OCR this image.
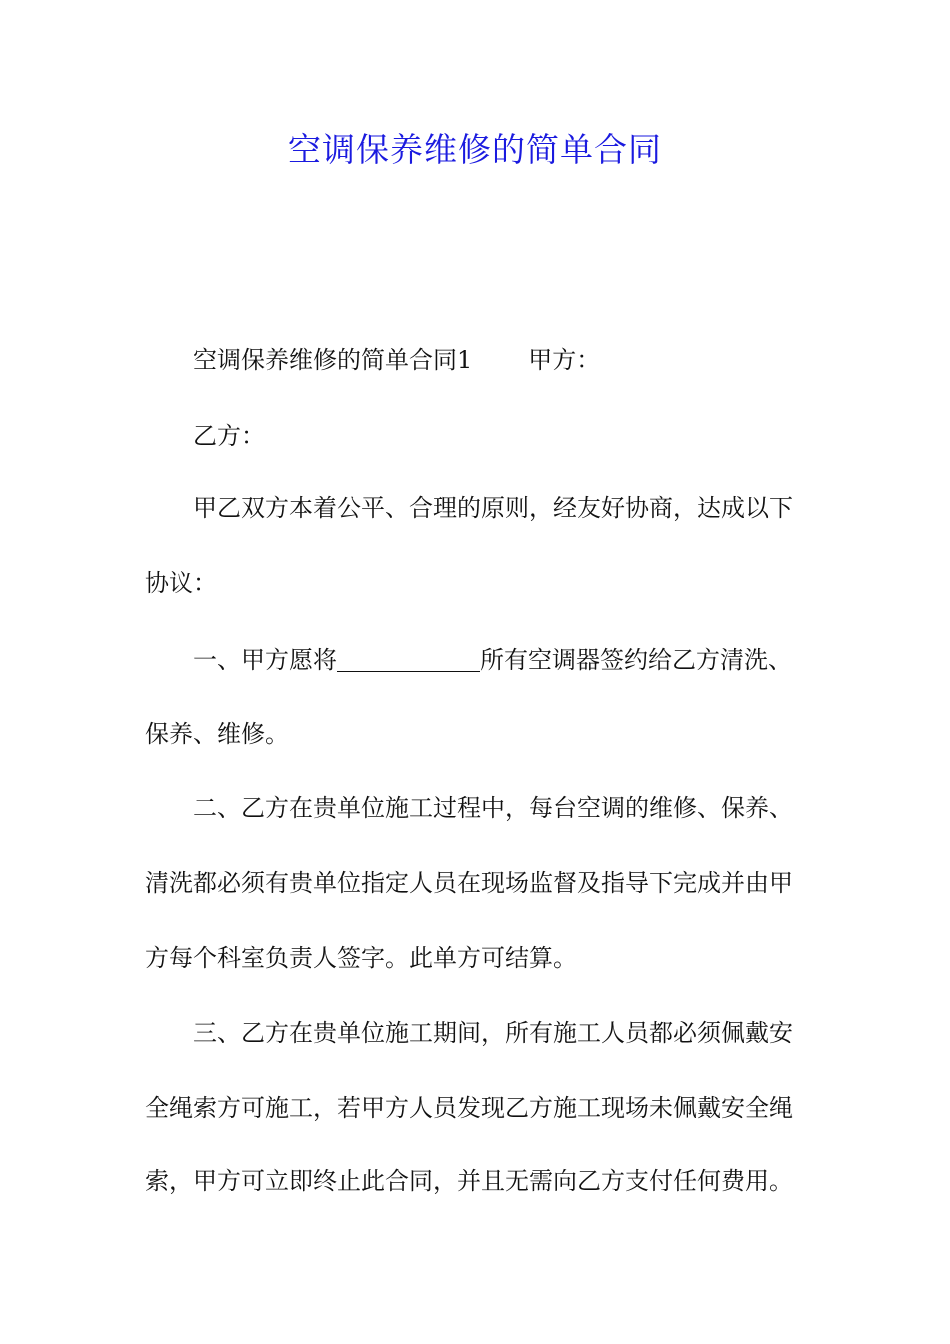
空调保养维修的简单合同
空调保养维修的简单合同1 甲方：
乙方：
甲乙双方本着公平、合理的原则，经友好协商，达成以下
协议：
一、甲方愿将	所有空调器签约给乙方清洗、
保养、维修。
二、乙方在贵单位施工过程中，每台空调的维修、保养、
清洗都必须有贵单位指定人员在现场监督及指导下完成并由甲
方每个科室负责人签字。此单方可结算。
三、乙方在贵单位施工期间，所有施工人员都必须佩戴安
全绳索方可施工，若甲方人员发现乙方施工现场未佩戴安全绳
索，甲方可立即终止此合同，并且无需向乙方支付任何费用。
